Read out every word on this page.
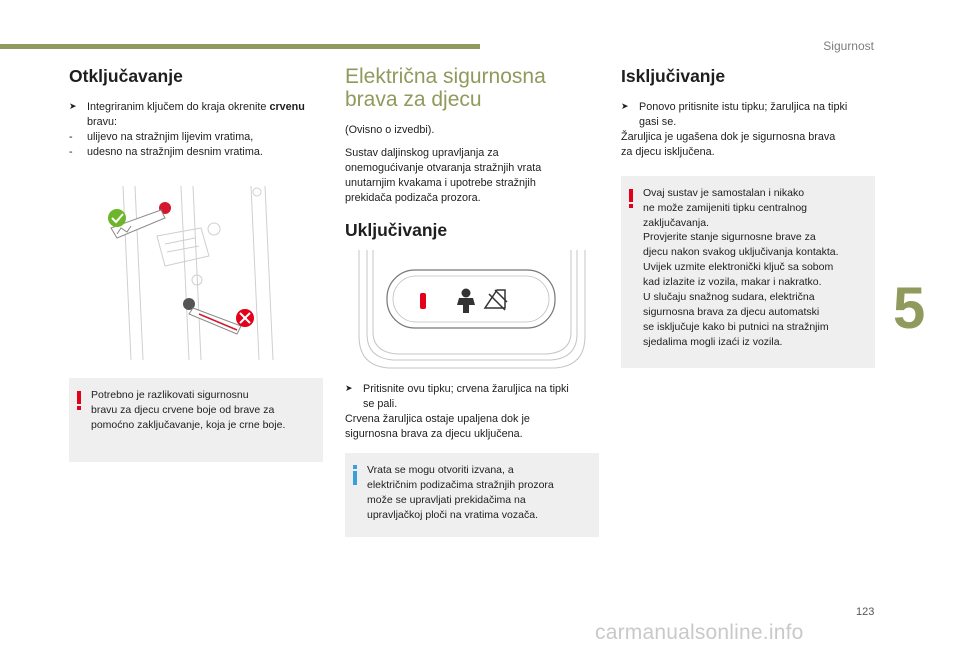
Sigurnost
5
Otključavanje
➤ Integriranim ključem do kraja okrenite crvenu bravu:
- ulijevo na stražnjim lijevim vratima,
- udesno na stražnjim desnim vratima.
Potrebno je razlikovati sigurnosnu
bravu za djecu crvene boje od brave za
pomoćno zaključavanje, koja je crne boje.
Električna sigurnosna
brava za djecu

(Ovisno o izvedbi).

Sustav daljinskog upravljanja za
onemogućivanje otvaranja stražnjih vrata
unutarnjim kvakama i upotrebe stražnjih
prekidača podizača prozora.

Uključivanje
➤ Pritisnite ovu tipku; crvena žaruljica na tipki
se pali.

Crvena žaruljica ostaje upaljena dok je
sigurnosna brava za djecu uključena.

Vrata se mogu otvoriti izvana, a
električnim podizačima stražnjih prozora
može se upravljati prekidačima na
upravljačkoj ploči na vratima vozača.
Isključivanje
➤ Ponovo pritisnite istu tipku; žaruljica na tipki
gasi se.

Žaruljica je ugašena dok je sigurnosna brava
za djecu isključena.

Ovaj sustav je samostalan i nikako
ne može zamijeniti tipku centralnog
zaključavanja.
Provjerite stanje sigurnosne brave za
djecu nakon svakog uključivanja kontakta.
Uvijek uzmite elektronički ključ sa sobom
kad izlazite iz vozila, makar i nakratko.
U slučaju snažnog sudara, električna
sigurnosna brava za djecu automatski
se isključuje kako bi putnici na stražnjim
sjedalima mogli izaći iz vozila.
123
carmanualsonline.info
